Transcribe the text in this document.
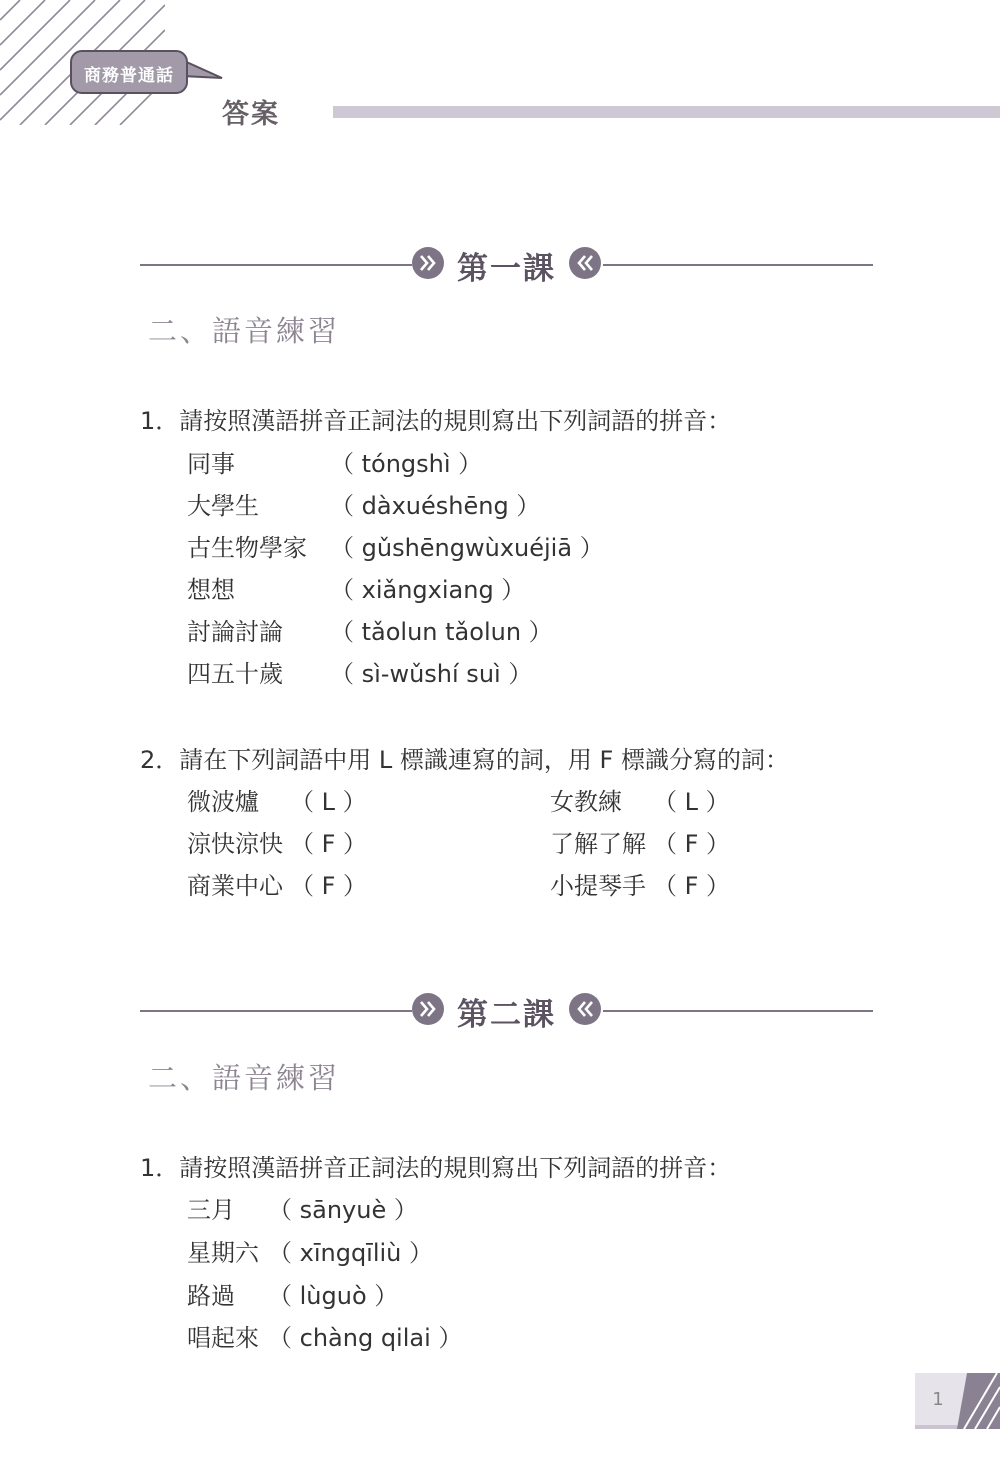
商務普通話
答案
第一課
二、語音練習
1．請按照漢語拼音正詞法的規則寫出下列詞語的拼音：
同事	（ tóngshì ）
大學生	（ dàxuéshēng ）
古生物學家 （ gǔshēngwùxuéjiā ）
想想	（ xiǎngxiang ）
討論討論 （ tǎolun tǎolun ）
四五十歲 （ sì-wǔshí suì ）
2．請在下列詞語中用 L 標識連寫的詞，用 F 標識分寫的詞：
微波爐 （ L ）	女教練 （ L ）
涼快涼快 （ F ）	了解了解 （ F ）
商業中心 （ F ）	小提琴手 （ F ）
第二課
二、語音練習
1．請按照漢語拼音正詞法的規則寫出下列詞語的拼音：
三月 （ sānyuè ）
星期六 （ xīngqīliù ）
路過 （ lùguò ）
唱起來 （ chàng qilai ）
1
